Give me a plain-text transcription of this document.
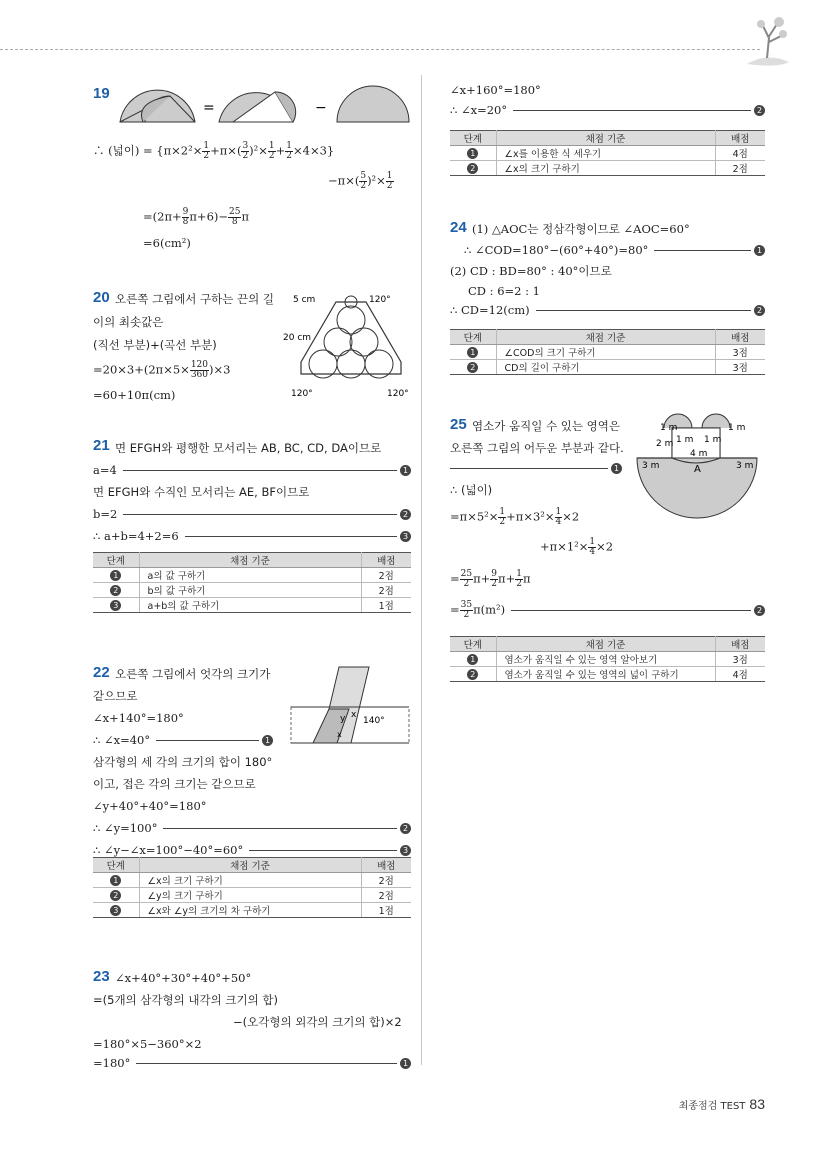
19
=	−
∴ (넓이) = $\{\pi\times 2^2\times \frac{1}{2} +\pi\times( \frac{3}{2} )^2\times \frac{1}{2} + \frac{1}{2} \times 4\times 3\}$
$-\pi\times( \frac{5}{2} )^2\times \frac{1}{2}$
$=(2\pi+ \frac{9}{8} \pi+6)- \frac{25}{8}$ π
=6(cm²)
20 오른쪽 그림에서 구하는 끈의 길
이의 최솟값은
(직선 부분)+(곡선 부분)
$=20\times 3+(2\pi\times 5\times \frac{120}{360} )\times 3$
=60+10π(cm)
5 cm	120°
20 cm
120°	120°
21 면 EFGH와 평행한 모서리는 AB, BC, CD, DA이므로
a=4	1
면 EFGH와 수직인 모서리는 AE, BF이므로
b=2	2
∴ a+b=4+2=6	3
단계	채점 기준	배점
1	a의 값 구하기	2점
2	b의 값 구하기	2점
3	a+b의 값 구하기	1점
22 오른쪽 그림에서 엇각의 크기가
같으므로
∠x+140°=180°
∴ ∠x=40°	1
삼각형의 세 각의 크기의 합이 180°
이고, 접은 각의 크기는 같으므로
∠y+40°+40°=180°
∴ ∠y=100°	2
∴ ∠y−∠x=100°−40°=60°	3
y x
x
140°
단계	채점 기준	배점
1	∠x의 크기 구하기	2점
2	∠y의 크기 구하기	2점
3	∠x와 ∠y의 크기의 차 구하기	1점
23 ∠x+40°+30°+40°+50°
=(5개의 삼각형의 내각의 크기의 합)
−(오각형의 외각의 크기의 합)×2
=180°×5−360°×2
=180°	1
∠x+160°=180°
∴ ∠x=20°	2
단계	채점 기준	배점
1	∠x를 이용한 식 세우기	4점
2	∠x의 크기 구하기	2점
24 (1) △AOC는 정삼각형이므로 ∠AOC=60°
∴ ∠COD=180°−(60°+40°)=80°	1
(2) CD : BD=80° : 40°이므로
CD : 6=2 : 1
∴ CD=12(cm)	2
단계	채점 기준	배점
1	∠COD의 크기 구하기	3점
2	CD의 길이 구하기	3점
25 염소가 움직일 수 있는 영역은
오른쪽 그림의 어두운 부분과 같다.
1
∴ (넓이)
$=\pi\times 5^2\times \frac{1}{2} +\pi\times 3^2\times \frac{1}{4} \times 2$
$+\pi\times 1^2\times \frac{1}{4} \times 2$
= $\frac{25}{2} \pi+ \frac{9}{2} \pi+ \frac{1}{2}$ π
= $\frac{35}{2} \pi(m^2)$	2
1 m	1 m
2 m 1 m 1 m
4 m
3 m	3 m
A
단계	채점 기준	배점
1	염소가 움직일 수 있는 영역 알아보기	3점
2	염소가 움직일 수 있는 영역의 넓이 구하기	4점
최종점검 TEST 83
